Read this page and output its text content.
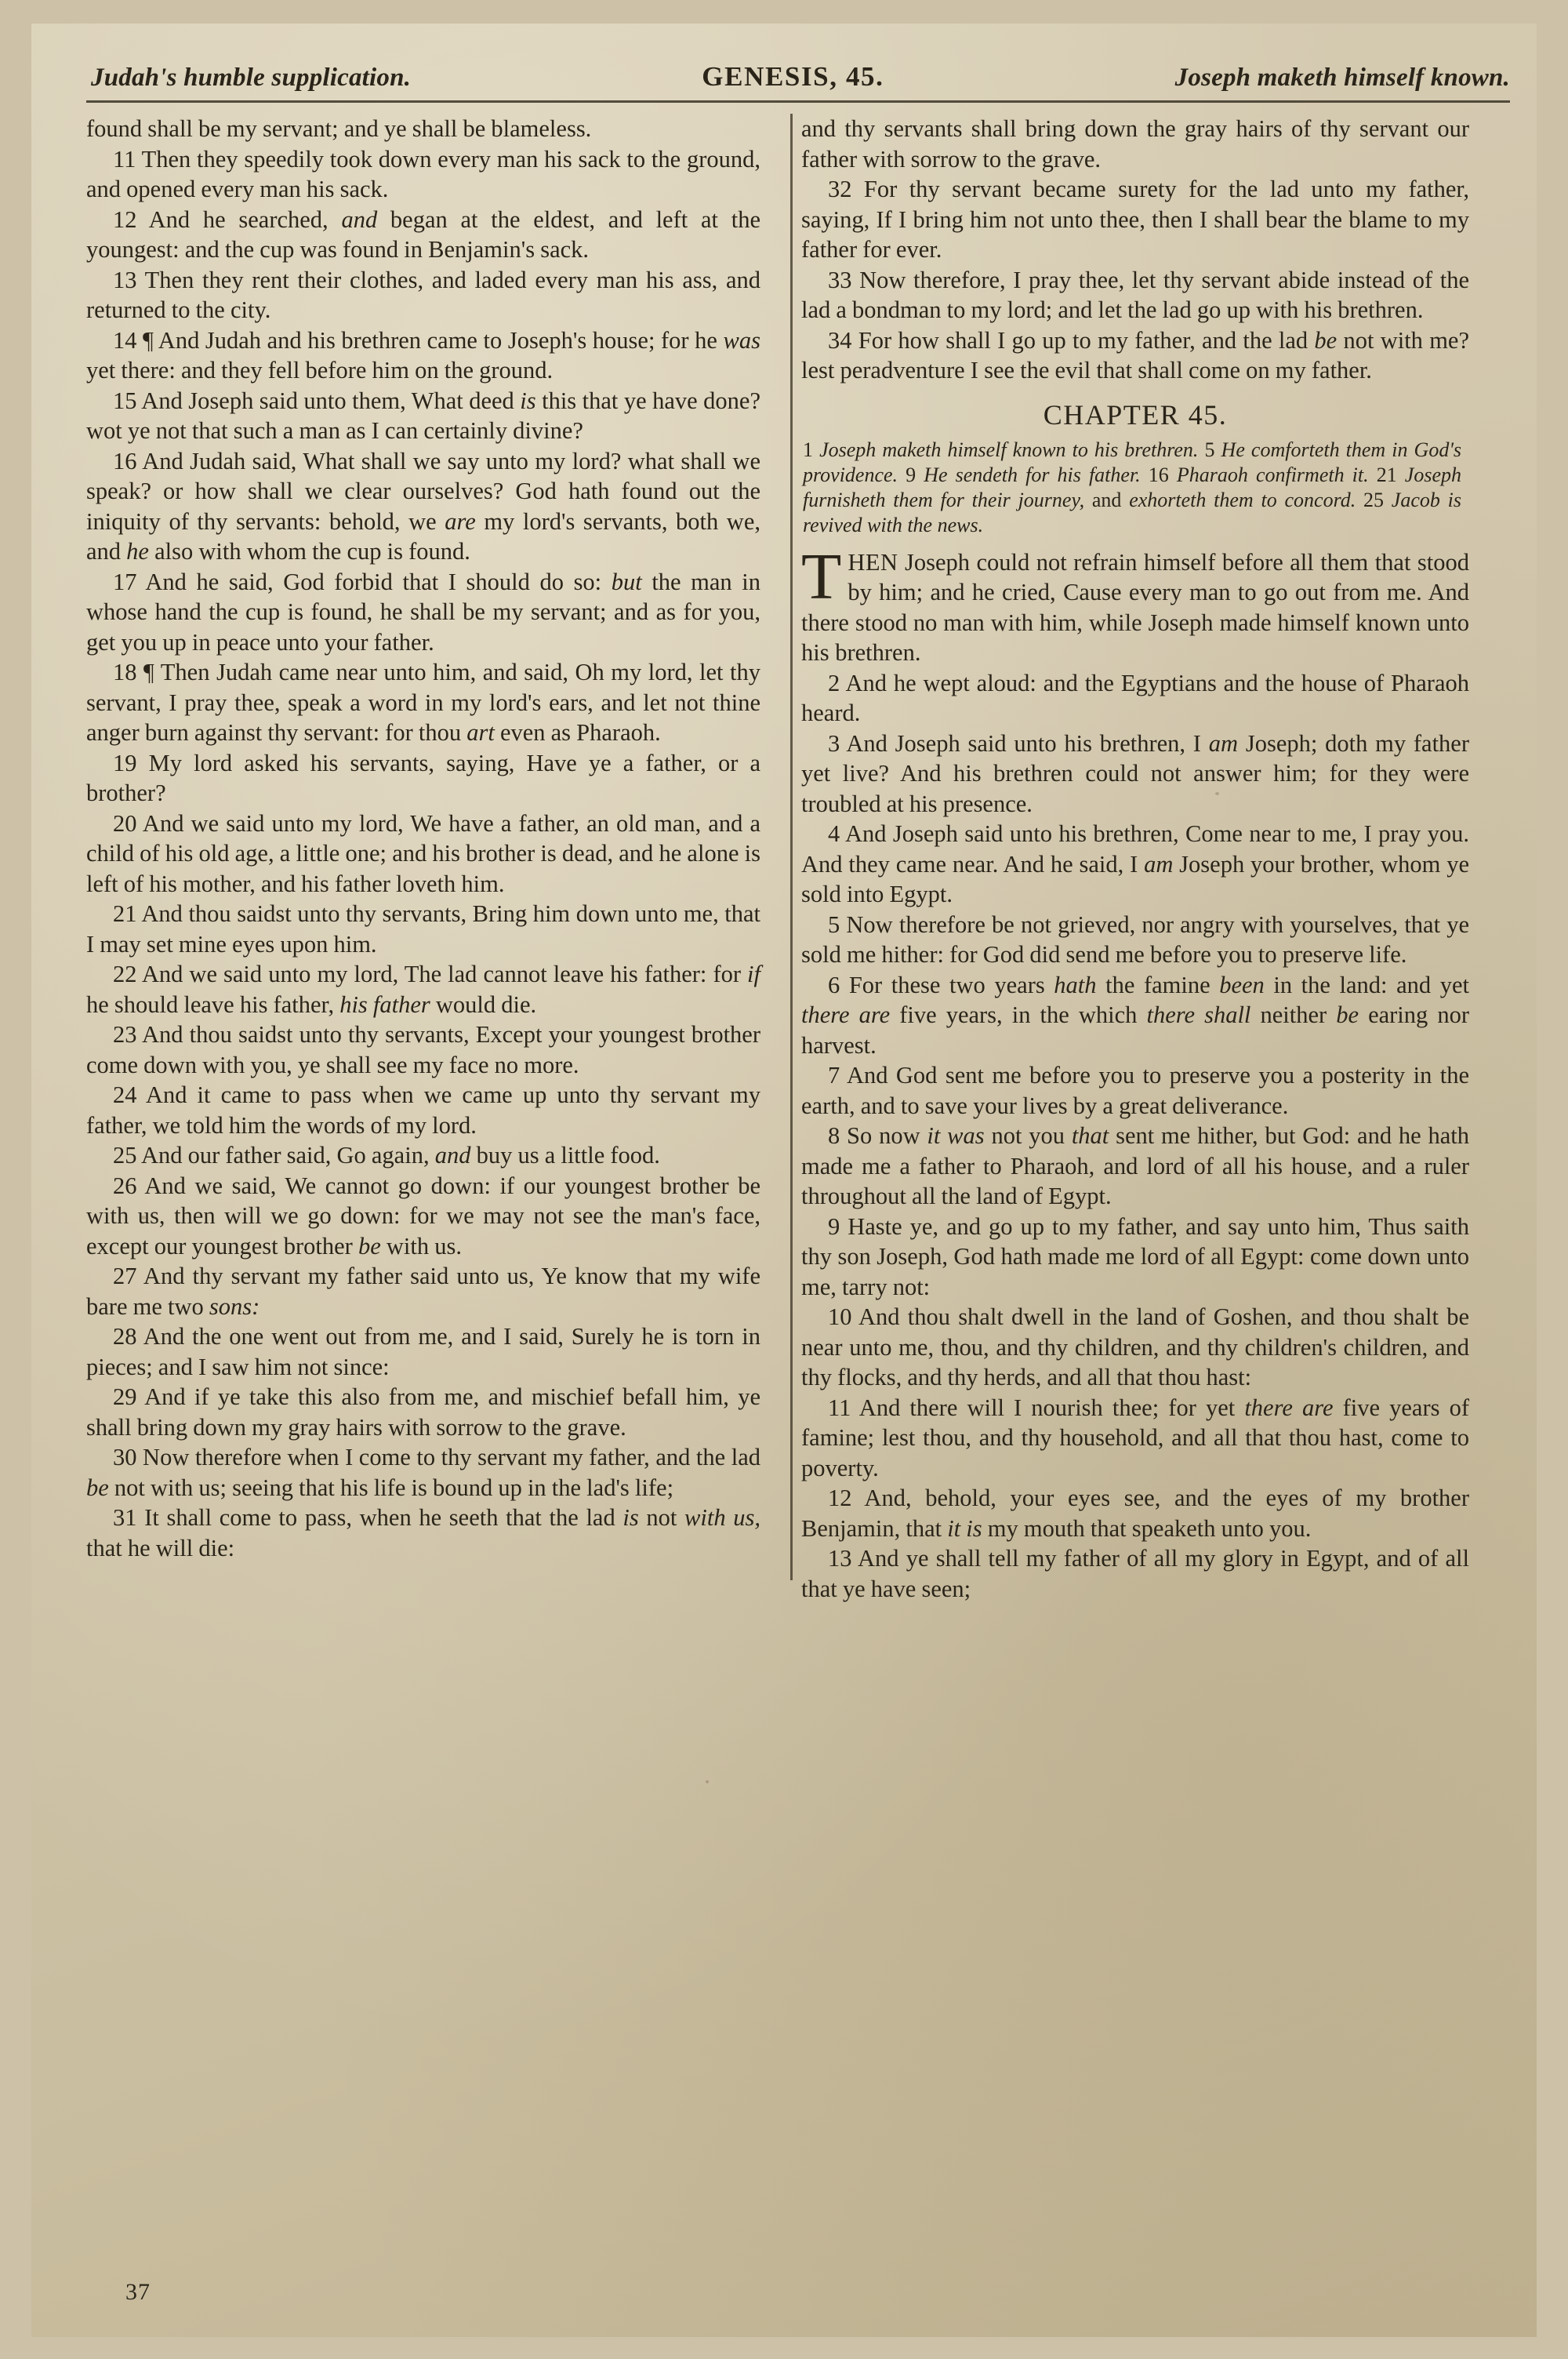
Judah's humble supplication.	GENESIS, 45.	Joseph maketh himself known.

found shall be my servant; and ye shall be blameless.

11 Then they speedily took down every man his sack to the ground, and opened every man his sack.

12 And he searched, and began at the eldest, and left at the youngest: and the cup was found in Benjamin's sack.

13 Then they rent their clothes, and laded every man his ass, and returned to the city.

14 ¶ And Judah and his brethren came to Joseph's house; for he was yet there: and they fell before him on the ground.

15 And Joseph said unto them, What deed is this that ye have done? wot ye not that such a man as I can certainly divine?

16 And Judah said, What shall we say unto my lord? what shall we speak? or how shall we clear ourselves? God hath found out the iniquity of thy servants: behold, we are my lord's servants, both we, and he also with whom the cup is found.

17 And he said, God forbid that I should do so: but the man in whose hand the cup is found, he shall be my servant; and as for you, get you up in peace unto your father.

18 ¶ Then Judah came near unto him, and said, Oh my lord, let thy servant, I pray thee, speak a word in my lord's ears, and let not thine anger burn against thy servant: for thou art even as Pharaoh.

19 My lord asked his servants, saying, Have ye a father, or a brother?

20 And we said unto my lord, We have a father, an old man, and a child of his old age, a little one; and his brother is dead, and he alone is left of his mother, and his father loveth him.

21 And thou saidst unto thy servants, Bring him down unto me, that I may set mine eyes upon him.

22 And we said unto my lord, The lad cannot leave his father: for if he should leave his father, his father would die.

23 And thou saidst unto thy servants, Except your youngest brother come down with you, ye shall see my face no more.

24 And it came to pass when we came up unto thy servant my father, we told him the words of my lord.

25 And our father said, Go again, and buy us a little food.

26 And we said, We cannot go down: if our youngest brother be with us, then will we go down: for we may not see the man's face, except our youngest brother be with us.

27 And thy servant my father said unto us, Ye know that my wife bare me two sons:

28 And the one went out from me, and I said, Surely he is torn in pieces; and I saw him not since:

29 And if ye take this also from me, and mischief befall him, ye shall bring down my gray hairs with sorrow to the grave.

30 Now therefore when I come to thy servant my father, and the lad be not with us; seeing that his life is bound up in the lad's life;

31 It shall come to pass, when he seeth that the lad is not with us, that he will die:

and thy servants shall bring down the gray hairs of thy servant our father with sorrow to the grave.

32 For thy servant became surety for the lad unto my father, saying, If I bring him not unto thee, then I shall bear the blame to my father for ever.

33 Now therefore, I pray thee, let thy servant abide instead of the lad a bondman to my lord; and let the lad go up with his brethren.

34 For how shall I go up to my father, and the lad be not with me? lest peradventure I see the evil that shall come on my father.

CHAPTER 45.
1 Joseph maketh himself known to his brethren. 5 He comforteth them in God's providence. 9 He sendeth for his father. 16 Pharaoh confirmeth it. 21 Joseph furnisheth them for their journey, and exhorteth them to concord. 25 Jacob is revived with the news.

THEN Joseph could not refrain himself before all them that stood by him; and he cried, Cause every man to go out from me. And there stood no man with him, while Joseph made himself known unto his brethren.

2 And he wept aloud: and the Egyptians and the house of Pharaoh heard.

3 And Joseph said unto his brethren, I am Joseph; doth my father yet live? And his brethren could not answer him; for they were troubled at his presence.

4 And Joseph said unto his brethren, Come near to me, I pray you. And they came near. And he said, I am Joseph your brother, whom ye sold into Egypt.

5 Now therefore be not grieved, nor angry with yourselves, that ye sold me hither: for God did send me before you to preserve life.

6 For these two years hath the famine been in the land: and yet there are five years, in the which there shall neither be earing nor harvest.

7 And God sent me before you to preserve you a posterity in the earth, and to save your lives by a great deliverance.

8 So now it was not you that sent me hither, but God: and he hath made me a father to Pharaoh, and lord of all his house, and a ruler throughout all the land of Egypt.

9 Haste ye, and go up to my father, and say unto him, Thus saith thy son Joseph, God hath made me lord of all Egypt: come down unto me, tarry not:

10 And thou shalt dwell in the land of Goshen, and thou shalt be near unto me, thou, and thy children, and thy children's children, and thy flocks, and thy herds, and all that thou hast:

11 And there will I nourish thee; for yet there are five years of famine; lest thou, and thy household, and all that thou hast, come to poverty.

12 And, behold, your eyes see, and the eyes of my brother Benjamin, that it is my mouth that speaketh unto you.

13 And ye shall tell my father of all my glory in Egypt, and of all that ye have seen;

37
